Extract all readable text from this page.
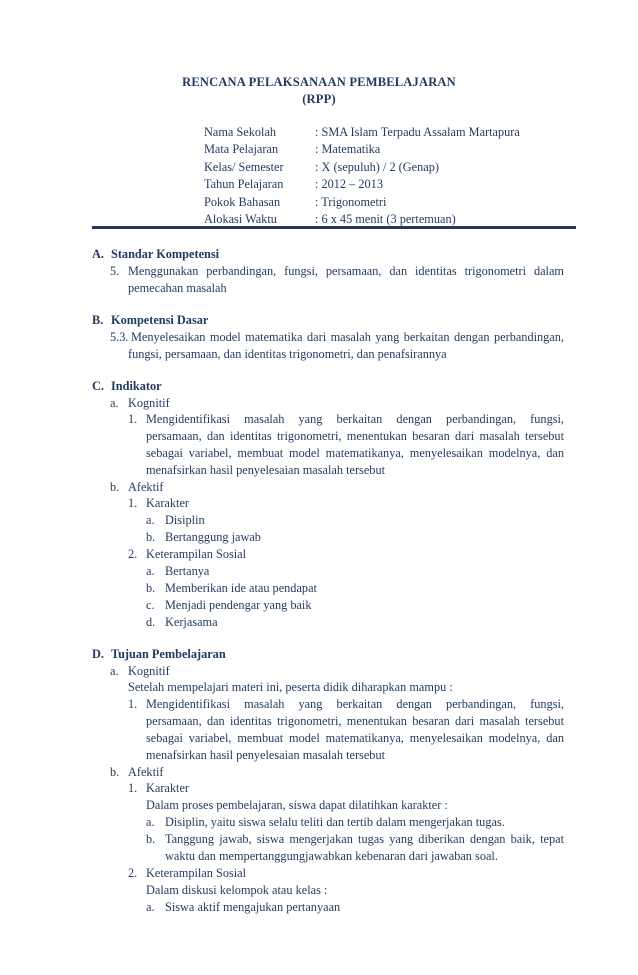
RENCANA PELAKSANAAN PEMBELAJARAN
(RPP)
Nama Sekolah	: SMA Islam Terpadu Assalam Martapura
Mata Pelajaran	: Matematika
Kelas/ Semester	: X (sepuluh) / 2 (Genap)
Tahun Pelajaran	: 2012 – 2013
Pokok Bahasan	: Trigonometri
Alokasi Waktu	: 6 x 45 menit (3 pertemuan)
A. Standar Kompetensi
5. Menggunakan perbandingan, fungsi, persamaan, dan identitas trigonometri dalam
pemecahan masalah
B. Kompetensi Dasar
5.3. Menyelesaikan model matematika dari masalah yang berkaitan dengan perbandingan,
fungsi, persamaan, dan identitas trigonometri, dan penafsirannya
C. Indikator
a. Kognitif
1. Mengidentifikasi masalah yang berkaitan dengan perbandingan, fungsi,
persamaan, dan identitas trigonometri, menentukan besaran dari masalah tersebut
sebagai variabel, membuat model matematikanya, menyelesaikan modelnya, dan
menafsirkan hasil penyelesaian masalah tersebut
b. Afektif
1. Karakter
a. Disiplin
b. Bertanggung jawab
2. Keterampilan Sosial
a. Bertanya
b. Memberikan ide atau pendapat
c. Menjadi pendengar yang baik
d. Kerjasama
D. Tujuan Pembelajaran
a. Kognitif
Setelah mempelajari materi ini, peserta didik diharapkan mampu :
1. Mengidentifikasi masalah yang berkaitan dengan perbandingan, fungsi,
persamaan, dan identitas trigonometri, menentukan besaran dari masalah tersebut
sebagai variabel, membuat model matematikanya, menyelesaikan modelnya, dan
menafsirkan hasil penyelesaian masalah tersebut
b. Afektif
1. Karakter
Dalam proses pembelajaran, siswa dapat dilatihkan karakter :
a. Disiplin, yaitu siswa selalu teliti dan tertib dalam mengerjakan tugas.
b. Tanggung jawab, siswa mengerjakan tugas yang diberikan dengan baik, tepat
waktu dan mempertanggungjawabkan kebenaran dari jawaban soal.
2. Keterampilan Sosial
Dalam diskusi kelompok atau kelas :
a. Siswa aktif mengajukan pertanyaan
